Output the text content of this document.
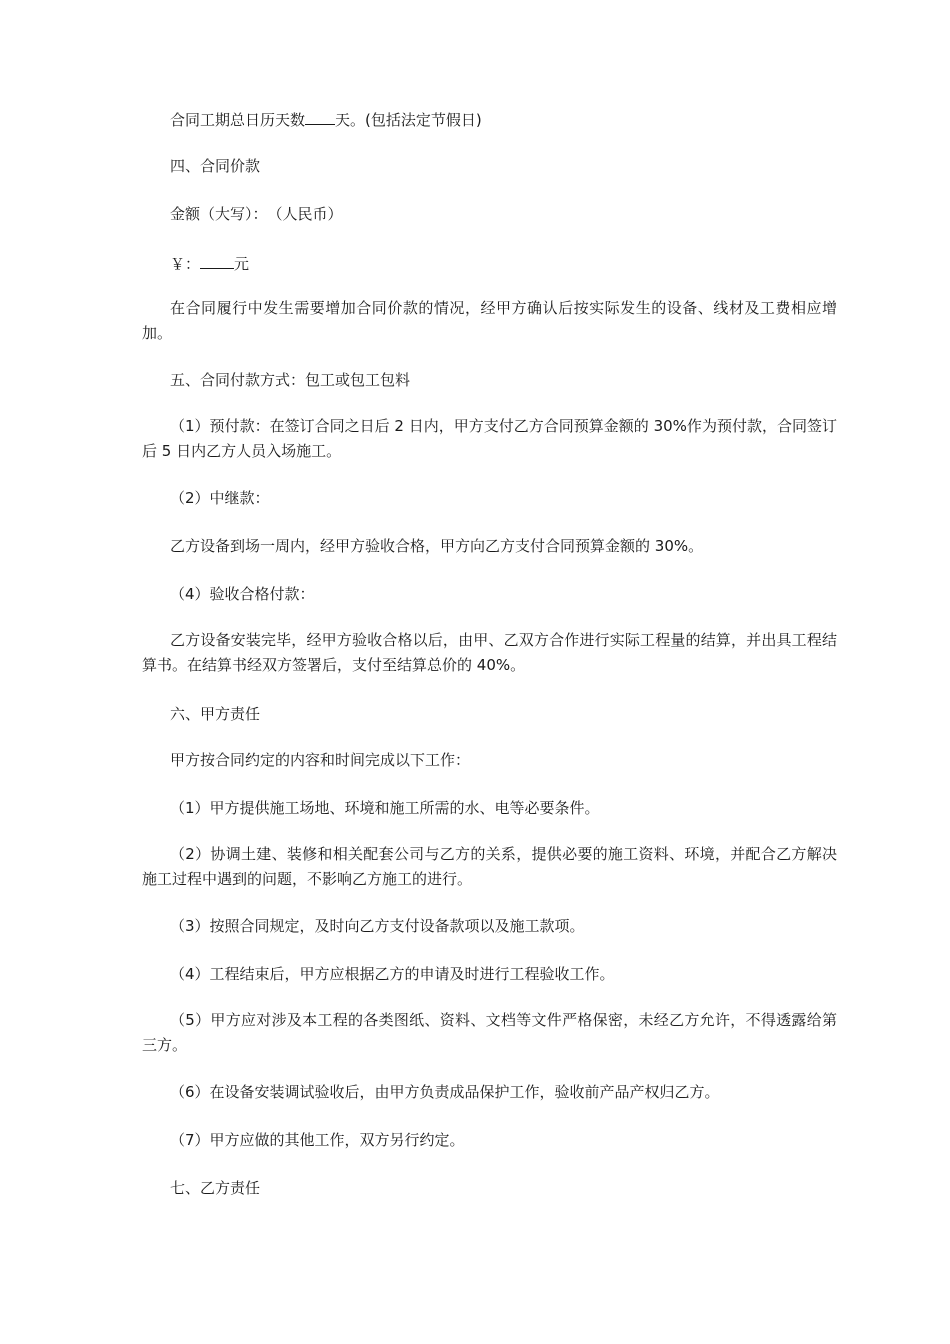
合同工期总日历天数 天。(包括法定节假日)

四、合同价款

金额（大写）：　（人民币）

￥： 元

在合同履行中发生需要增加合同价款的情况，经甲方确认后按实际发生的设备、线材及工费相应增加。

五、合同付款方式：包工或包工包料

（1）预付款：在签订合同之日后 2 日内，甲方支付乙方合同预算金额的 30%作为预付款，合同签订后 5 日内乙方人员入场施工。

（2）中继款：

乙方设备到场一周内，经甲方验收合格，甲方向乙方支付合同预算金额的 30%。

（4）验收合格付款：

乙方设备安装完毕，经甲方验收合格以后，由甲、乙双方合作进行实际工程量的结算，并出具工程结算书。在结算书经双方签署后，支付至结算总价的 40%。

六、甲方责任

甲方按合同约定的内容和时间完成以下工作：

（1）甲方提供施工场地、环境和施工所需的水、电等必要条件。

（2）协调土建、装修和相关配套公司与乙方的关系，提供必要的施工资料、环境，并配合乙方解决施工过程中遇到的问题，不影响乙方施工的进行。

（3）按照合同规定，及时向乙方支付设备款项以及施工款项。

（4）工程结束后，甲方应根据乙方的申请及时进行工程验收工作。

（5）甲方应对涉及本工程的各类图纸、资料、文档等文件严格保密，未经乙方允许，不得透露给第三方。

（6）在设备安装调试验收后，由甲方负责成品保护工作，验收前产品产权归乙方。

（7）甲方应做的其他工作，双方另行约定。

七、乙方责任
